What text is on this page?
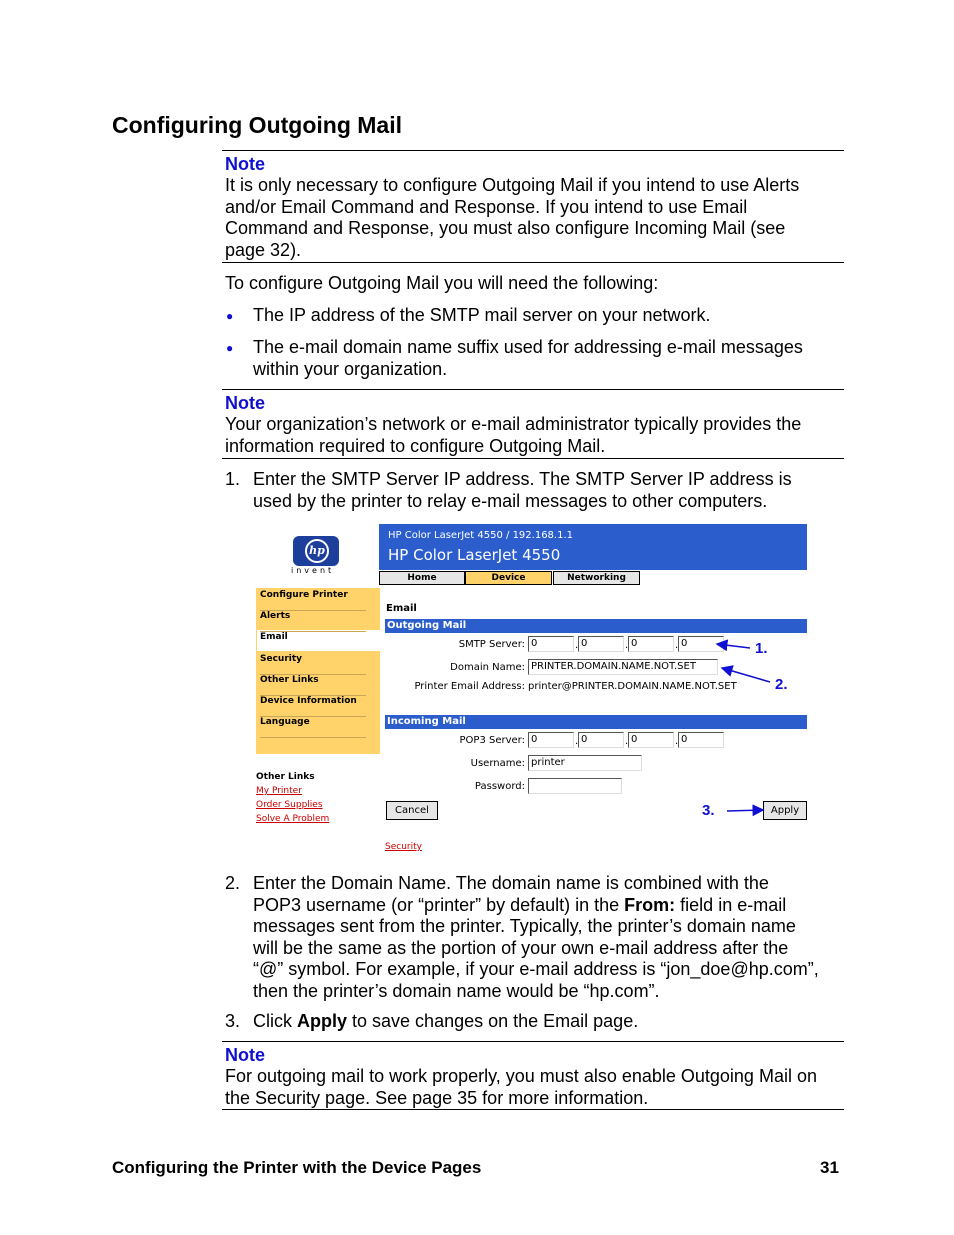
Configuring Outgoing Mail
Note
It is only necessary to configure Outgoing Mail if you intend to use Alerts
and/or Email Command and Response. If you intend to use Email
Command and Response, you must also configure Incoming Mail (see
page 32).
To configure Outgoing Mail you will need the following:
● The IP address of the SMTP mail server on your network.
● The e-mail domain name suffix used for addressing e-mail messages
within your organization.
Note
Your organization’s network or e-mail administrator typically provides the
information required to configure Outgoing Mail.
1. Enter the SMTP Server IP address. The SMTP Server IP address is
used by the printer to relay e-mail messages to other computers.
hp
invent
HP Color LaserJet 4550 / 192.168.1.1
HP Color LaserJet 4550
Home	Device	Networking
Configure Printer
Alerts
Email
Security
Other Links
Device Information
Language
Other Links
My Printer
Order Supplies
Solve A Problem
Email
Outgoing Mail
SMTP Server: 0	. 0	. 0	. 0
Domain Name: PRINTER.DOMAIN.NAME.NOT.SET
Printer Email Address: printer@PRINTER.DOMAIN.NAME.NOT.SET
Incoming Mail
POP3 Server: 0	. 0	. 0	. 0
Username: printer
Password:
Cancel	Apply
Security
1.
2.
3.
2. Enter the Domain Name. The domain name is combined with the
POP3 username (or “printer” by default) in the From: field in e-mail
messages sent from the printer. Typically, the printer’s domain name
will be the same as the portion of your own e-mail address after the
“@” symbol. For example, if your e-mail address is “jon_doe@hp.com”,
then the printer’s domain name would be “hp.com”.
3. Click Apply to save changes on the Email page.
Note
For outgoing mail to work properly, you must also enable Outgoing Mail on
the Security page. See page 35 for more information.
Configuring the Printer with the Device Pages	31
